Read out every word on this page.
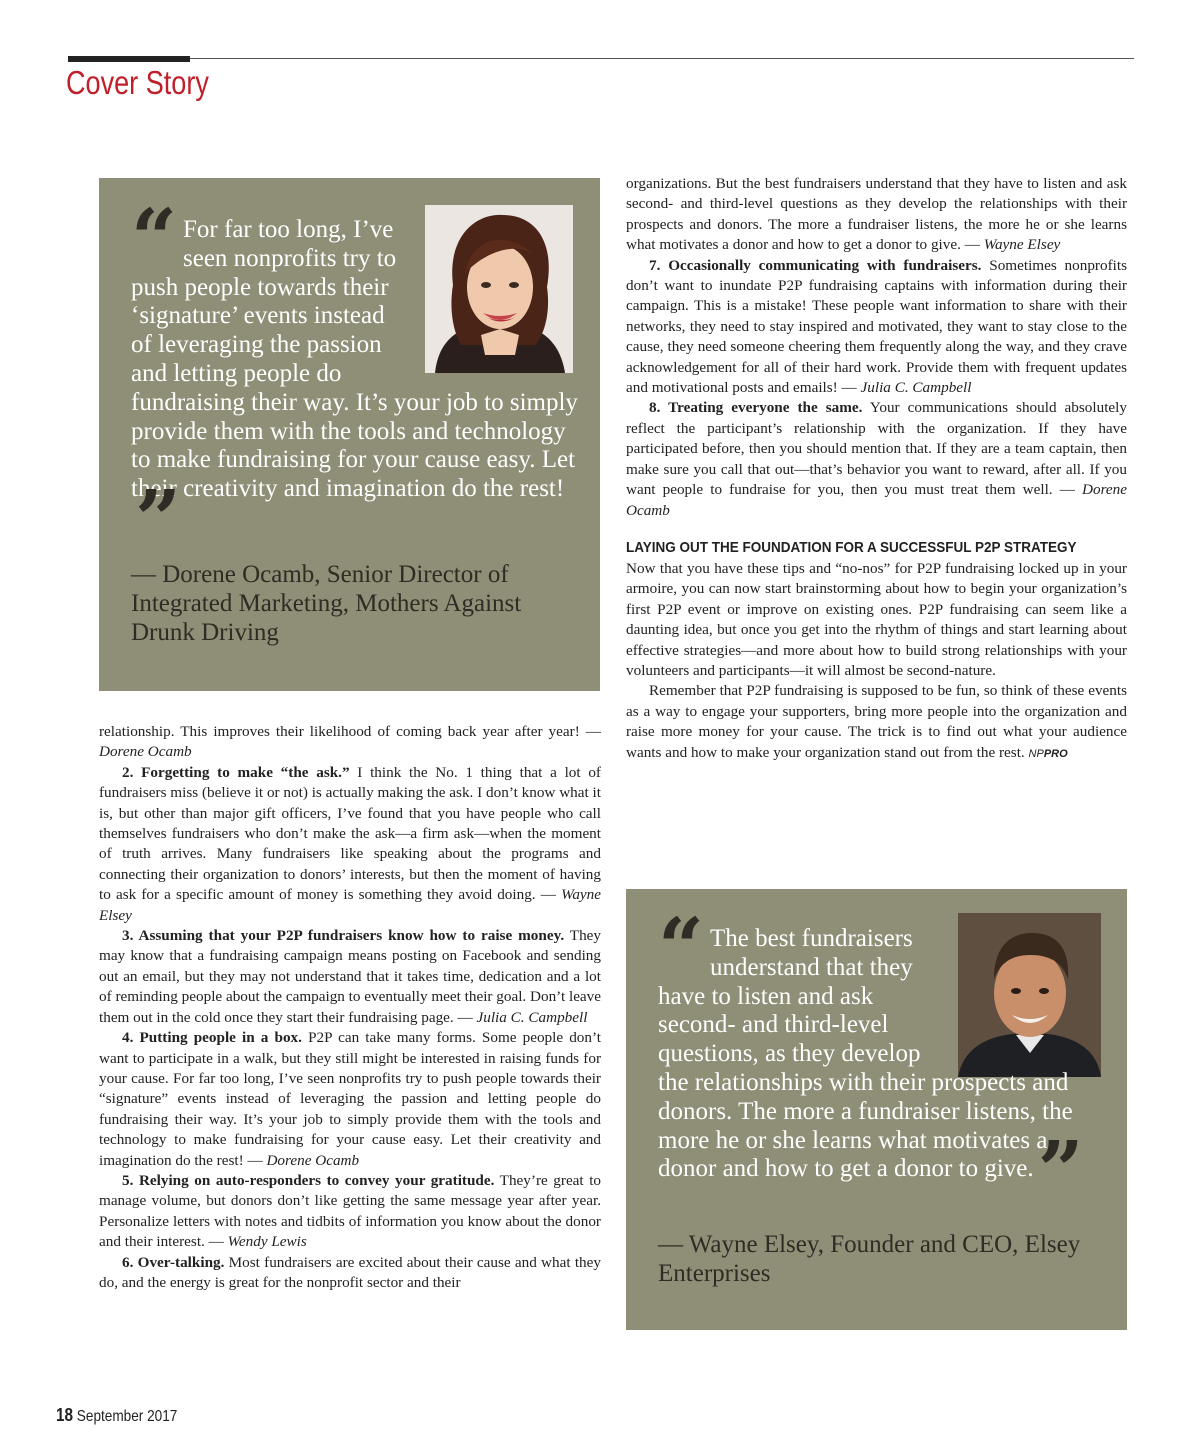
Cover Story
“ For far too long, I’ve seen nonprofits try to push people towards their ‘signature’ events instead of leveraging the passion and letting people do fundraising their way. It’s your job to simply provide them with the tools and technology to make fundraising for your cause easy. Let their creativity and imagination do the rest!”
— Dorene Ocamb, Senior Director of Integrated Marketing, Mothers Against Drunk Driving

relationship. This improves their likelihood of coming back year after year! — Dorene Ocamb

2. Forgetting to make “the ask.” I think the No. 1 thing that a lot of fundraisers miss (believe it or not) is actually making the ask. I don’t know what it is, but other than major gift officers, I’ve found that you have people who call themselves fundraisers who don’t make the ask—a firm ask—when the moment of truth arrives. Many fundraisers like speaking about the programs and connecting their organization to donors’ interests, but then the moment of having to ask for a specific amount of money is something they avoid doing. — Wayne Elsey

3. Assuming that your P2P fundraisers know how to raise money. They may know that a fundraising campaign means posting on Facebook and sending out an email, but they may not understand that it takes time, dedication and a lot of reminding people about the campaign to eventually meet their goal. Don’t leave them out in the cold once they start their fundraising page. — Julia C. Campbell

4. Putting people in a box. P2P can take many forms. Some people don’t want to participate in a walk, but they still might be interested in raising funds for your cause. For far too long, I’ve seen nonprofits try to push people towards their “signature” events instead of leveraging the passion and letting people do fundraising their way. It’s your job to simply provide them with the tools and technology to make fundraising for your cause easy. Let their creativity and imagination do the rest! — Dorene Ocamb

5. Relying on auto-responders to convey your gratitude. They’re great to manage volume, but donors don’t like getting the same message year after year. Personalize letters with notes and tidbits of information you know about the donor and their interest. — Wendy Lewis

6. Over-talking. Most fundraisers are excited about their cause and what they do, and the energy is great for the nonprofit sector and their

organizations. But the best fundraisers understand that they have to listen and ask second- and third-level questions as they develop the relationships with their prospects and donors. The more a fundraiser listens, the more he or she learns what motivates a donor and how to get a donor to give. — Wayne Elsey

7. Occasionally communicating with fundraisers. Sometimes nonprofits don’t want to inundate P2P fundraising captains with information during their campaign. This is a mistake! These people want information to share with their networks, they need to stay inspired and motivated, they want to stay close to the cause, they need someone cheering them frequently along the way, and they crave acknowledgement for all of their hard work. Provide them with frequent updates and motivational posts and emails! — Julia C. Campbell

8. Treating everyone the same. Your communications should absolutely reflect the participant’s relationship with the organization. If they have participated before, then you should mention that. If they are a team captain, then make sure you call that out—that’s behavior you want to reward, after all. If you want people to fundraise for you, then you must treat them well. — Dorene Ocamb

LAYING OUT THE FOUNDATION FOR A SUCCESSFUL P2P STRATEGY

Now that you have these tips and “no-nos” for P2P fundraising locked up in your armoire, you can now start brainstorming about how to begin your organization’s first P2P event or improve on existing ones. P2P fundraising can seem like a daunting idea, but once you get into the rhythm of things and start learning about effective strategies—and more about how to build strong relationships with your volunteers and participants—it will almost be second-nature.

Remember that P2P fundraising is supposed to be fun, so think of these events as a way to engage your supporters, bring more people into the organization and raise more money for your cause. The trick is to find out what your audience wants and how to make your organization stand out from the rest. NPPRO

“ The best fundraisers understand that they have to listen and ask second- and third-level questions, as they develop the relationships with their prospects and donors. The more a fundraiser listens, the more he or she learns what motivates a donor and how to get a donor to give.”
— Wayne Elsey, Founder and CEO, Elsey Enterprises
18 September 2017
